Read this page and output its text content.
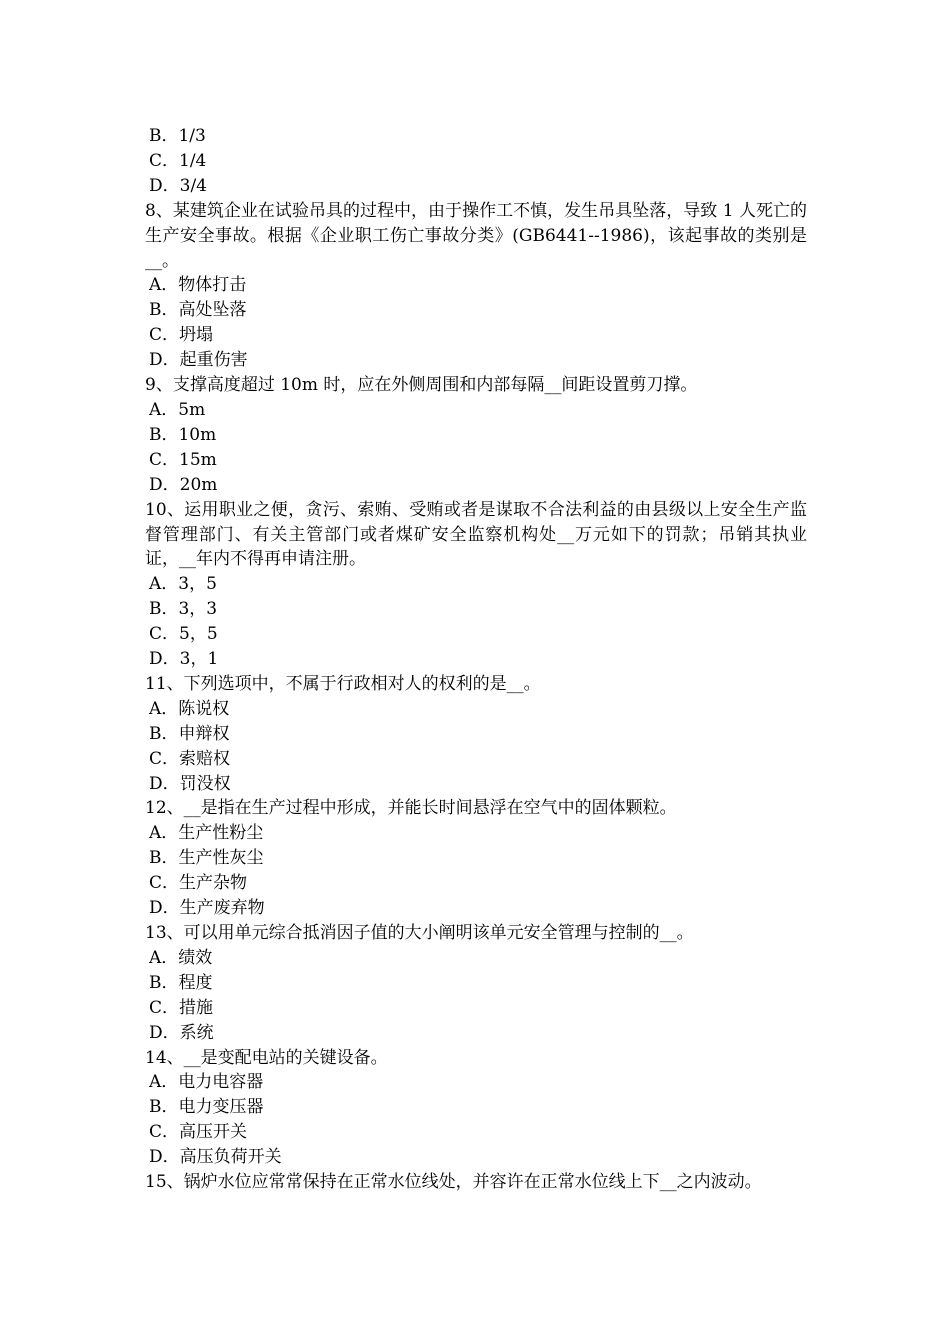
B．1/3
C．1/4
D．3/4
8、某建筑企业在试验吊具的过程中，由于操作工不慎，发生吊具坠落，导致 1 人死亡的生产安全事故。根据《企业职工伤亡事故分类》(GB6441--1986)，该起事故的类别是__。
A．物体打击
B．高处坠落
C．坍塌
D．起重伤害
9、支撑高度超过 10m 时，应在外侧周围和内部每隔__间距设置剪刀撑。
A．5m
B．10m
C．15m
D．20m
10、运用职业之便，贪污、索贿、受贿或者是谋取不合法利益的由县级以上安全生产监督管理部门、有关主管部门或者煤矿安全监察机构处__万元如下的罚款；吊销其执业证，__年内不得再申请注册。
A．3，5
B．3，3
C．5，5
D．3，1
11、下列选项中，不属于行政相对人的权利的是__。
A．陈说权
B．申辩权
C．索赔权
D．罚没权
12、__是指在生产过程中形成，并能长时间悬浮在空气中的固体颗粒。
A．生产性粉尘
B．生产性灰尘
C．生产杂物
D．生产废弃物
13、可以用单元综合抵消因子值的大小阐明该单元安全管理与控制的__。
A．绩效
B．程度
C．措施
D．系统
14、__是变配电站的关键设备。
A．电力电容器
B．电力变压器
C．高压开关
D．高压负荷开关
15、锅炉水位应常常保持在正常水位线处，并容许在正常水位线上下__之内波动。
